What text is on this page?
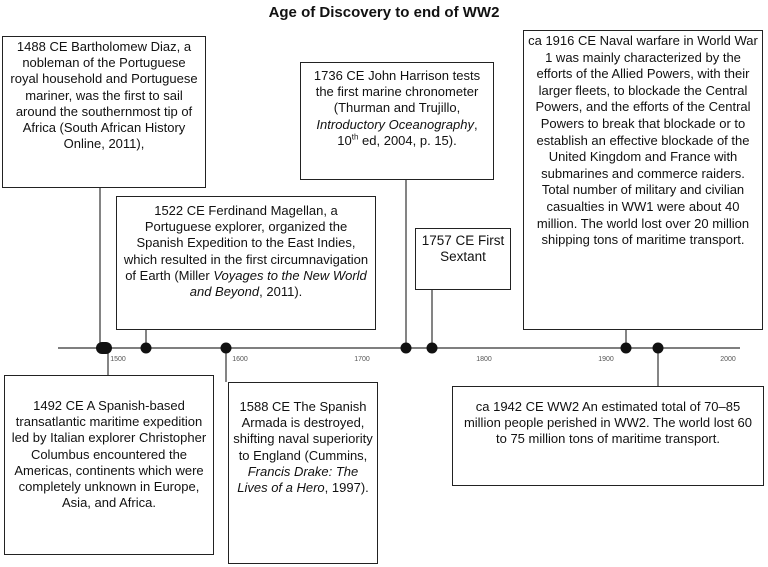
Age of Discovery to end of WW2
1500	1600	1700	1800	1900	2000
1488 CE Bartholomew Diaz, a nobleman of the Portuguese royal household and Portuguese mariner, was the first to sail around the southernmost tip of Africa (South African History Online, 2011),
1492 CE A Spanish-based transatlantic maritime expedition led by Italian explorer Christopher Columbus encountered the Americas, continents which were completely unknown in Europe, Asia, and Africa.
1522 CE Ferdinand Magellan, a Portuguese explorer, organized the Spanish Expedition to the East Indies, which resulted in the first circumnavigation of Earth (Miller Voyages to the New World and Beyond, 2011).
1588 CE The Spanish Armada is destroyed, shifting naval superiority to England (Cummins, Francis Drake: The Lives of a Hero, 1997).
1736 CE John Harrison tests the first marine chronometer (Thurman and Trujillo, Introductory Oceanography, 10th ed, 2004, p. 15).
1757 CE First Sextant
ca 1916 CE Naval warfare in World War 1 was mainly characterized by the efforts of the Allied Powers, with their larger fleets, to blockade the Central Powers, and the efforts of the Central Powers to break that blockade or to establish an effective blockade of the United Kingdom and France with submarines and commerce raiders. Total number of military and civilian casualties in WW1 were about 40 million. The world lost over 20 million shipping tons of maritime transport.
ca 1942 CE WW2 An estimated total of 70–85 million people perished in WW2. The world lost 60 to 75 million tons of maritime transport.
